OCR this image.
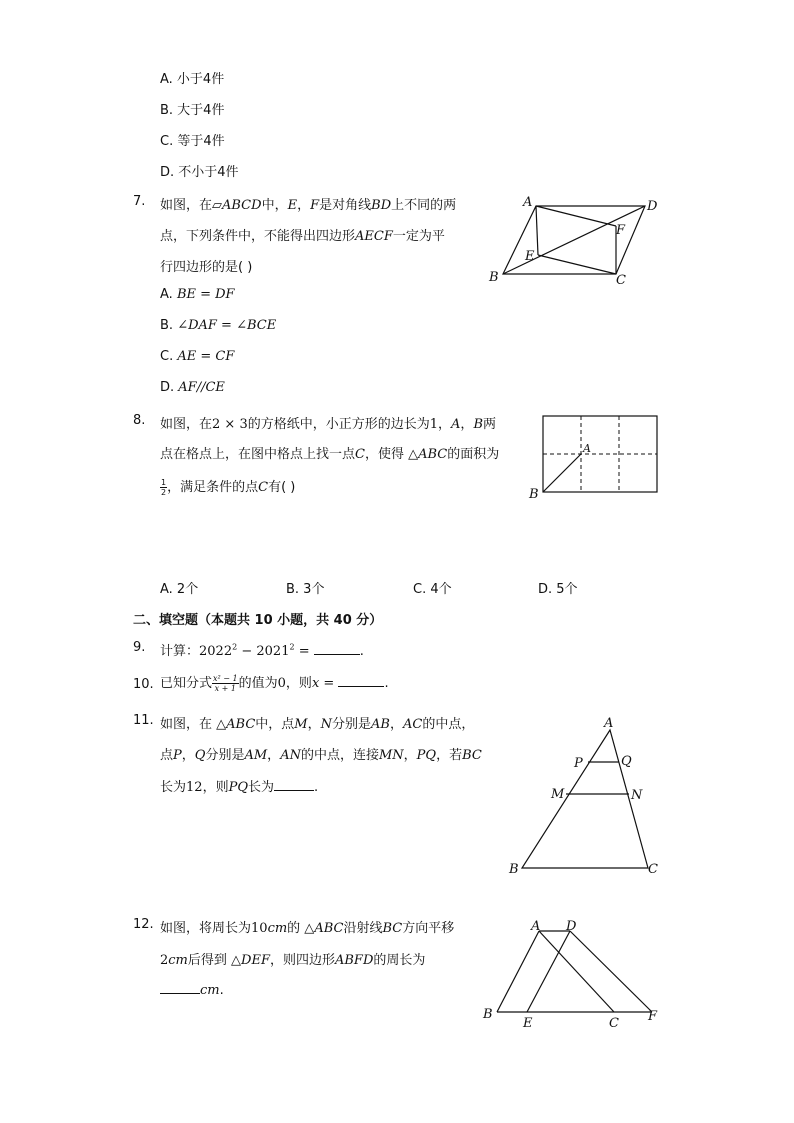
A. 小于4件
B. 大于4件
C. 等于4件
D. 不小于4件
7. 如图，在▱ABCD中，E，F是对角线BD上不同的两
点，下列条件中，不能得出四边形AECF一定为平
行四边形的是( )
A. BE = DF
B. ∠DAF = ∠BCE
C. AE = CF
D. AF//CE
A	D
B	C
E
F
8. 如图，在2 × 3的方格纸中，小正方形的边长为1，A，B两
点在格点上，在图中格点上找一点C，使得 △ABC的面积为
$\frac{1}{2}$ ，满足条件的点C有( )
A
B
A. 2个	B. 3个	C. 4个	D. 5个
二、填空题（本题共 10 小题，共 40 分）
9. 计算：$2022^2 - 2021^2$ =	.
10. 已知分式 $\frac{\text{x² − 1}}{x + 1}$ 的值为0，则x =	.
11. 如图，在 △ABC中，点M，N分别是AB，AC的中点，
点P，Q分别是AM，AN的中点，连接MN，PQ，若BC
长为12，则PQ长为	.
A
P	Q
M	N
B	C
12. 如图，将周长为10cm的 △ABC沿射线BC方向平移
2cm后得到 △DEF，则四边形ABFD的周长为
cm.
A D
B
E	C F
